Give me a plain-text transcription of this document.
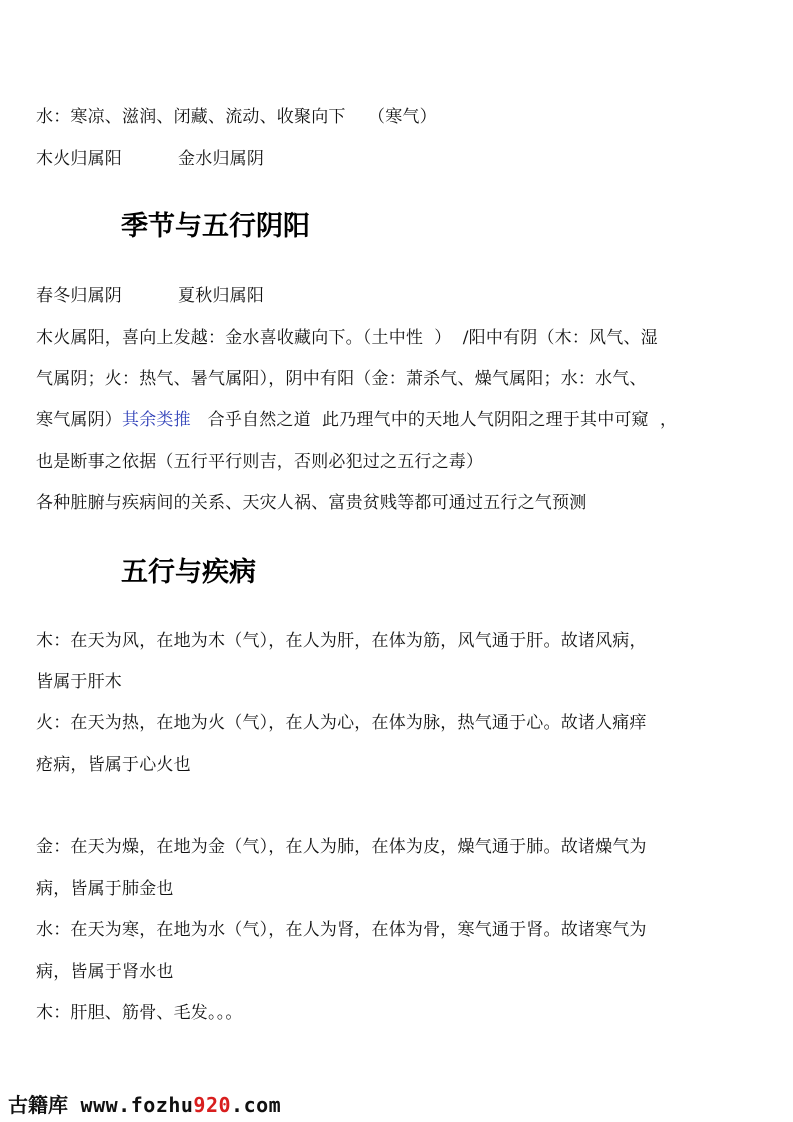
水：寒凉、滋润、闭藏、流动、收聚向下    （寒气）
木火归属阳          金水归属阴
季节与五行阴阳
春冬归属阴          夏秋归属阳
木火属阳，喜向上发越：金水喜收藏向下。（土中性  ）  /阳中有阴（木：风气、湿
气属阴；火：热气、暑气属阳），阴中有阳（金：萧杀气、燥气属阳；水：水气、
寒气属阴）其余类推   合乎自然之道  此乃理气中的天地人气阴阳之理于其中可窥  ，
也是断事之依据（五行平行则吉，否则必犯过之五行之毒）
各种脏腑与疾病间的关系、天灾人祸、富贵贫贱等都可通过五行之气预测
五行与疾病
木：在天为风，在地为木（气），在人为肝，在体为筋，风气通于肝。故诸风病，
皆属于肝木
火：在天为热，在地为火（气），在人为心，在体为脉，热气通于心。故诸人痛痒
疮病，皆属于心火也
金：在天为燥，在地为金（气），在人为肺，在体为皮，燥气通于肺。故诸燥气为
病，皆属于肺金也
水：在天为寒，在地为水（气），在人为肾，在体为骨，寒气通于肾。故诸寒气为
病，皆属于肾水也
木：肝胆、筋骨、毛发。。。
古籍库 www.fozhu920.com
